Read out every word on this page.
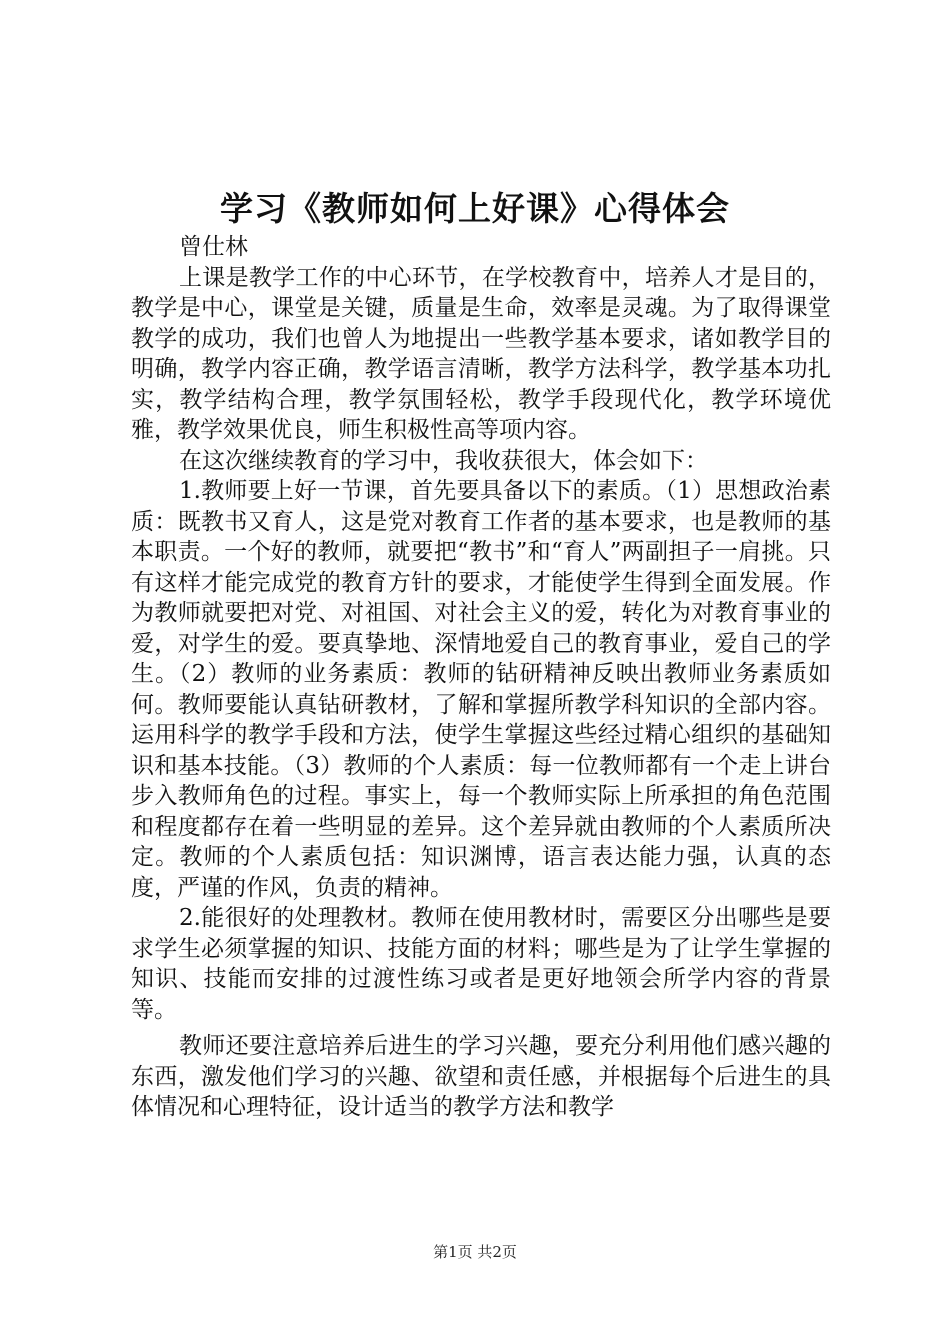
学习《教师如何上好课》心得体会

曾仕林

上课是教学工作的中心环节，在学校教育中，培养人才是目的，教学是中心，课堂是关键，质量是生命，效率是灵魂。为了取得课堂教学的成功，我们也曾人为地提出一些教学基本要求，诸如教学目的明确，教学内容正确，教学语言清晰，教学方法科学，教学基本功扎实，教学结构合理，教学氛围轻松，教学手段现代化，教学环境优雅，教学效果优良，师生积极性高等项内容。

在这次继续教育的学习中，我收获很大，体会如下：

1.教师要上好一节课，首先要具备以下的素质。（1）思想政治素质：既教书又育人，这是党对教育工作者的基本要求，也是教师的基本职责。一个好的教师，就要把“教书”和“育人”两副担子一肩挑。只有这样才能完成党的教育方针的要求，才能使学生得到全面发展。作为教师就要把对党、对祖国、对社会主义的爱，转化为对教育事业的爱，对学生的爱。要真挚地、深情地爱自己的教育事业，爱自己的学生。（2）教师的业务素质：教师的钻研精神反映出教师业务素质如何。教师要能认真钻研教材，了解和掌握所教学科知识的全部内容。运用科学的教学手段和方法，使学生掌握这些经过精心组织的基础知识和基本技能。（3）教师的个人素质：每一位教师都有一个走上讲台步入教师角色的过程。事实上，每一个教师实际上所承担的角色范围和程度都存在着一些明显的差异。这个差异就由教师的个人素质所决定。教师的个人素质包括：知识渊博，语言表达能力强，认真的态度，严谨的作风，负责的精神。

2.能很好的处理教材。教师在使用教材时，需要区分出哪些是要求学生必须掌握的知识、技能方面的材料；哪些是为了让学生掌握的知识、技能而安排的过渡性练习或者是更好地领会所学内容的背景等。

教师还要注意培养后进生的学习兴趣，要充分利用他们感兴趣的东西，激发他们学习的兴趣、欲望和责任感，并根据每个后进生的具体情况和心理特征，设计适当的教学方法和教学

第1页 共2页
